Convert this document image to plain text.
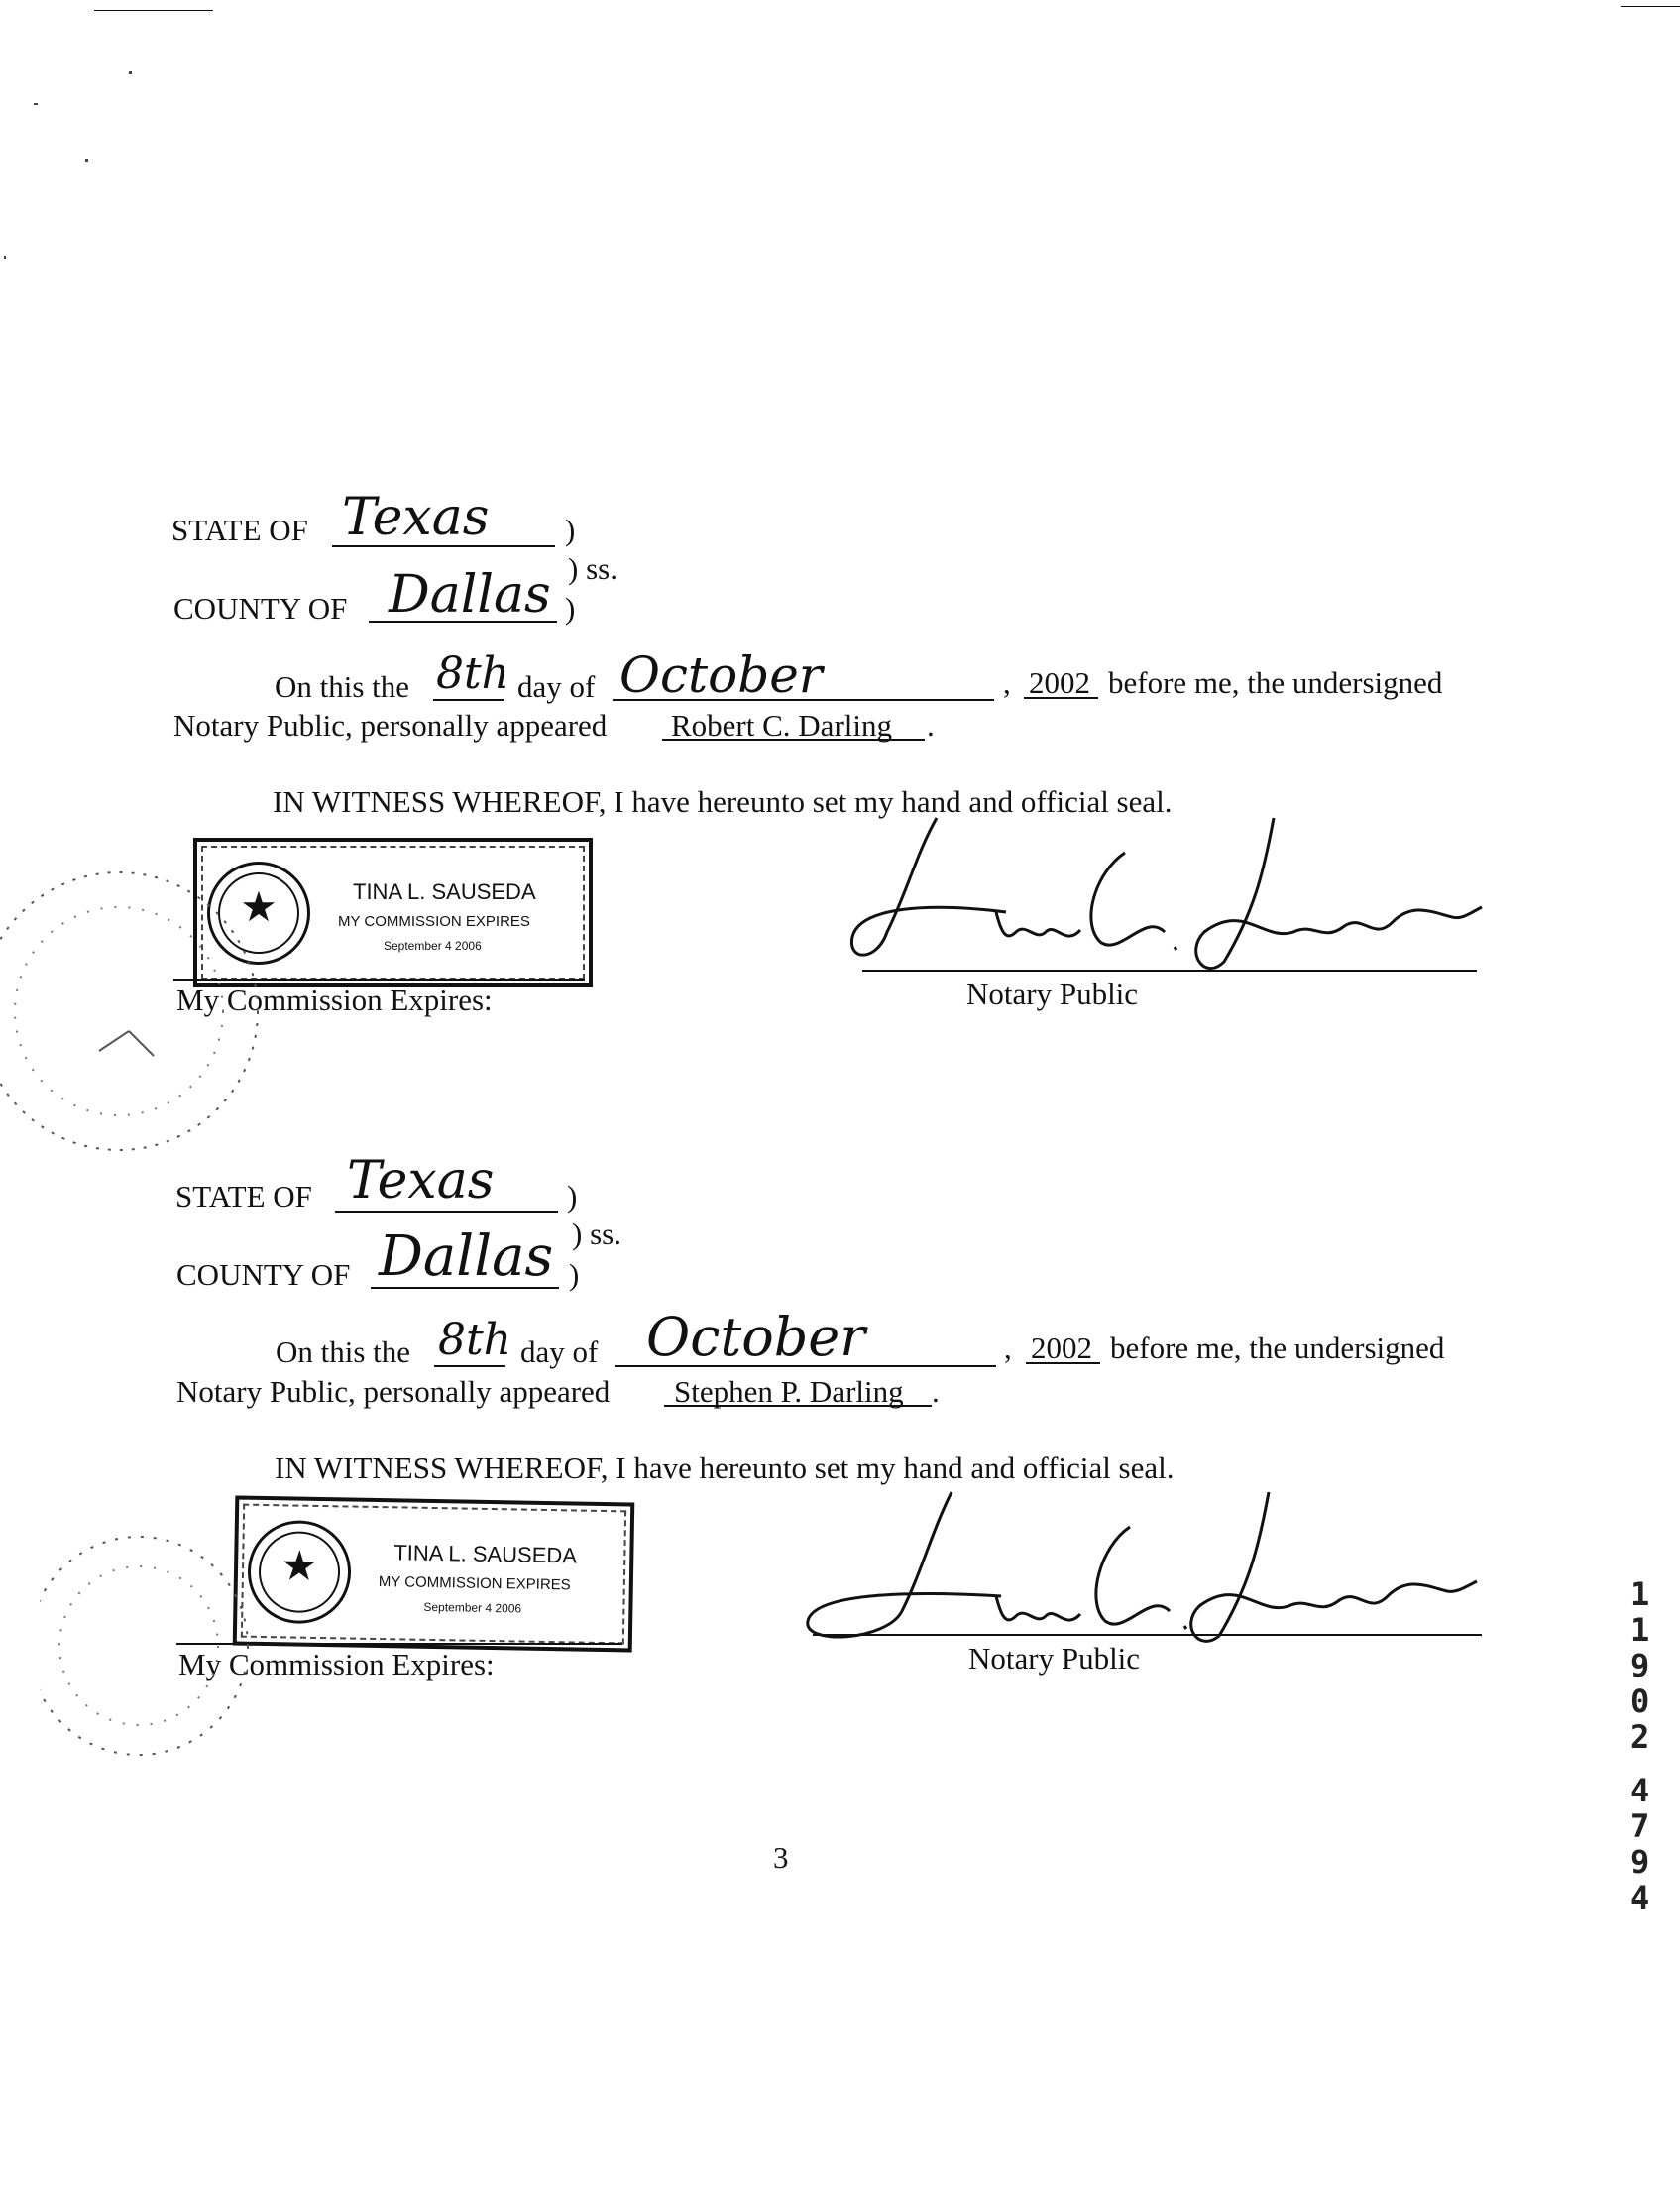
STATE OF Texas )
) ss.
COUNTY OF Dallas )
On this the 8th day of October	, 2002 before me, the undersigned
Notary Public, personally appeared Robert C. Darling .
IN WITNESS WHEREOF, I have hereunto set my hand and official seal.
★	TINA L. SAUSEDA
MY COMMISSION EXPIRES
September 4 2006
My Commission Expires:	Notary Public
STATE OF Texas )
) ss.
COUNTY OF Dallas )
On this the 8th day of October	, 2002 before me, the undersigned
Notary Public, personally appeared Stephen P. Darling .
IN WITNESS WHEREOF, I have hereunto set my hand and official seal.
★	TINA L. SAUSEDA
MY COMMISSION EXPIRES
September 4 2006
My Commission Expires:	Notary Public
3
1
1
9
0
2
4
7
9
4
